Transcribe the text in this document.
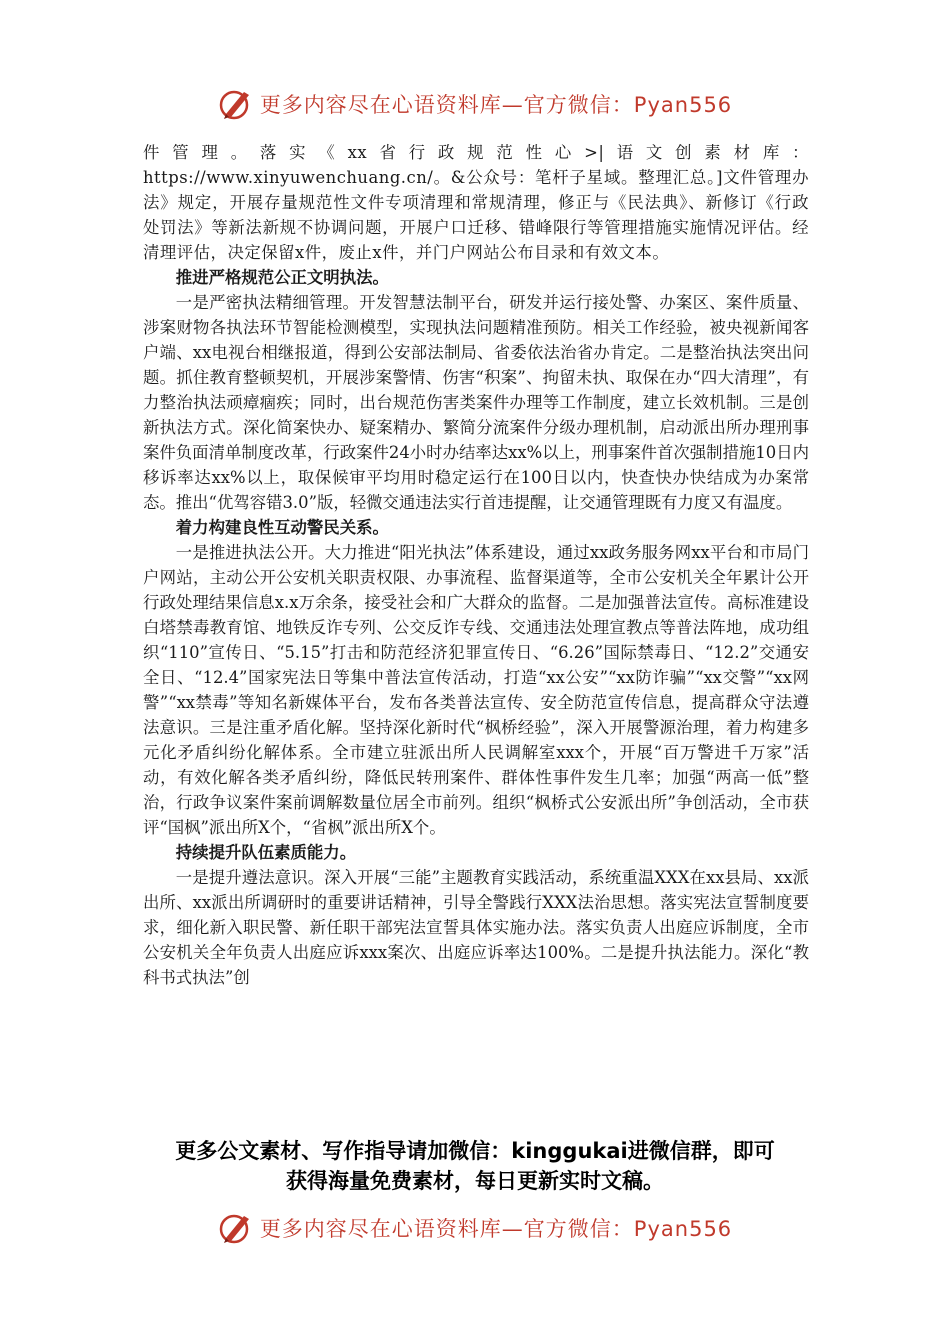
更多内容尽在心语资料库—官方微信：Pyan556

件管理。落实《xx省行政规范性心>|语文创素材库：https://www.xinyuwenchuang.cn/。&公众号：笔杆子星域。整理汇总。]文件管理办法》规定，开展存量规范性文件专项清理和常规清理，修正与《民法典》、新修订《行政处罚法》等新法新规不协调问题，开展户口迁移、错峰限行等管理措施实施情况评估。经清理评估，决定保留x件，废止x件，并门户网站公布目录和有效文本。

推进严格规范公正文明执法。

一是严密执法精细管理。开发智慧法制平台，研发并运行接处警、办案区、案件质量、涉案财物各执法环节智能检测模型，实现执法问题精准预防。相关工作经验，被央视新闻客户端、xx电视台相继报道，得到公安部法制局、省委依法治省办肯定。二是整治执法突出问题。抓住教育整顿契机，开展涉案警情、伤害“积案”、拘留未执、取保在办“四大清理”，有力整治执法顽瘴痼疾；同时，出台规范伤害类案件办理等工作制度，建立长效机制。三是创新执法方式。深化简案快办、疑案精办、繁简分流案件分级办理机制，启动派出所办理刑事案件负面清单制度改革，行政案件24小时办结率达xx%以上，刑事案件首次强制措施10日内移诉率达xx%以上，取保候审平均用时稳定运行在100日以内，快查快办快结成为办案常态。推出“优驾容错3.0”版，轻微交通违法实行首违提醒，让交通管理既有力度又有温度。

着力构建良性互动警民关系。

一是推进执法公开。大力推进“阳光执法”体系建设，通过xx政务服务网xx平台和市局门户网站，主动公开公安机关职责权限、办事流程、监督渠道等，全市公安机关全年累计公开行政处理结果信息x.x万余条，接受社会和广大群众的监督。二是加强普法宣传。高标准建设白塔禁毒教育馆、地铁反诈专列、公交反诈专线、交通违法处理宣教点等普法阵地，成功组织“110”宣传日、“5.15”打击和防范经济犯罪宣传日、“6.26”国际禁毒日、“12.2”交通安全日、“12.4”国家宪法日等集中普法宣传活动，打造“xx公安”“xx防诈骗”“xx交警”“xx网警”“xx禁毒”等知名新媒体平台，发布各类普法宣传、安全防范宣传信息，提高群众守法遵法意识。三是注重矛盾化解。坚持深化新时代“枫桥经验”，深入开展警源治理，着力构建多元化矛盾纠纷化解体系。全市建立驻派出所人民调解室xxx个，开展“百万警进千万家”活动，有效化解各类矛盾纠纷，降低民转刑案件、群体性事件发生几率；加强“两高一低”整治，行政争议案件案前调解数量位居全市前列。组织“枫桥式公安派出所”争创活动，全市获评“国枫”派出所X个，“省枫”派出所X个。

持续提升队伍素质能力。

一是提升遵法意识。深入开展“三能”主题教育实践活动，系统重温XXX在xx县局、xx派出所、xx派出所调研时的重要讲话精神，引导全警践行XXX法治思想。落实宪法宣誓制度要求，细化新入职民警、新任职干部宪法宣誓具体实施办法。落实负责人出庭应诉制度，全市公安机关全年负责人出庭应诉xxx案次、出庭应诉率达100%。二是提升执法能力。深化“教科书式执法”创

更多公文素材、写作指导请加微信：kinggukai进微信群，即可
获得海量免费素材，每日更新实时文稿。
更多内容尽在心语资料库—官方微信：Pyan556
